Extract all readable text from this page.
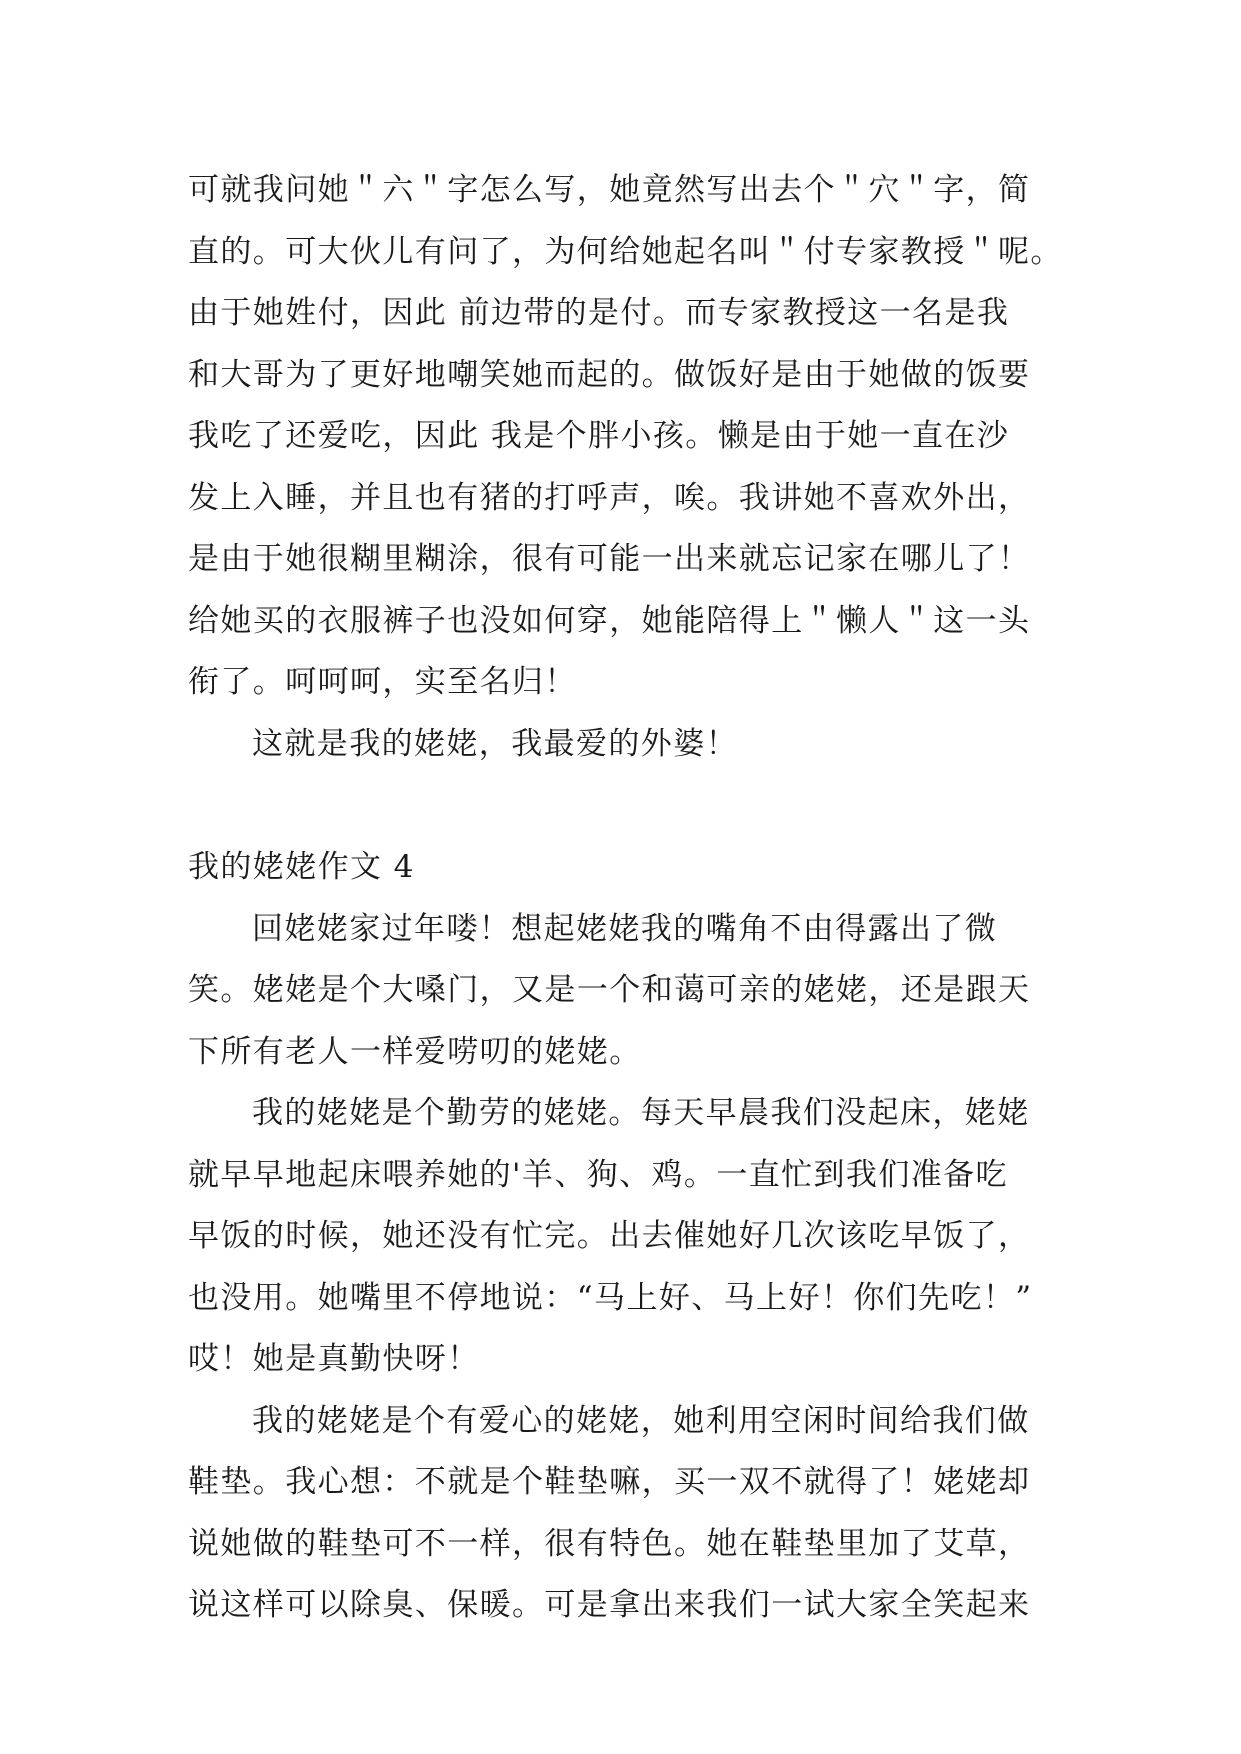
可就我问她＂六＂字怎么写，她竟然写出去个＂穴＂字，简
直的。可大伙儿有问了，为何给她起名叫＂付专家教授＂呢。
由于她姓付，因此 前边带的是付。而专家教授这一名是我
和大哥为了更好地嘲笑她而起的。做饭好是由于她做的饭要
我吃了还爱吃，因此 我是个胖小孩。懒是由于她一直在沙
发上入睡，并且也有猪的打呼声，唉。我讲她不喜欢外出，
是由于她很糊里糊涂，很有可能一出来就忘记家在哪儿了！
给她买的衣服裤子也没如何穿，她能陪得上＂懒人＂这一头
衔了。呵呵呵，实至名归！
这就是我的姥姥，我最爱的外婆！
我的姥姥作文 4
回姥姥家过年喽！想起姥姥我的嘴角不由得露出了微
笑。姥姥是个大嗓门，又是一个和蔼可亲的姥姥，还是跟天
下所有老人一样爱唠叨的姥姥。
我的姥姥是个勤劳的姥姥。每天早晨我们没起床，姥姥
就早早地起床喂养她的'羊、狗、鸡。一直忙到我们准备吃
早饭的时候，她还没有忙完。出去催她好几次该吃早饭了，
也没用。她嘴里不停地说：“马上好、马上好！你们先吃！”
哎！她是真勤快呀！
我的姥姥是个有爱心的姥姥，她利用空闲时间给我们做
鞋垫。我心想：不就是个鞋垫嘛，买一双不就得了！姥姥却
说她做的鞋垫可不一样，很有特色。她在鞋垫里加了艾草，
说这样可以除臭、保暖。可是拿出来我们一试大家全笑起来
